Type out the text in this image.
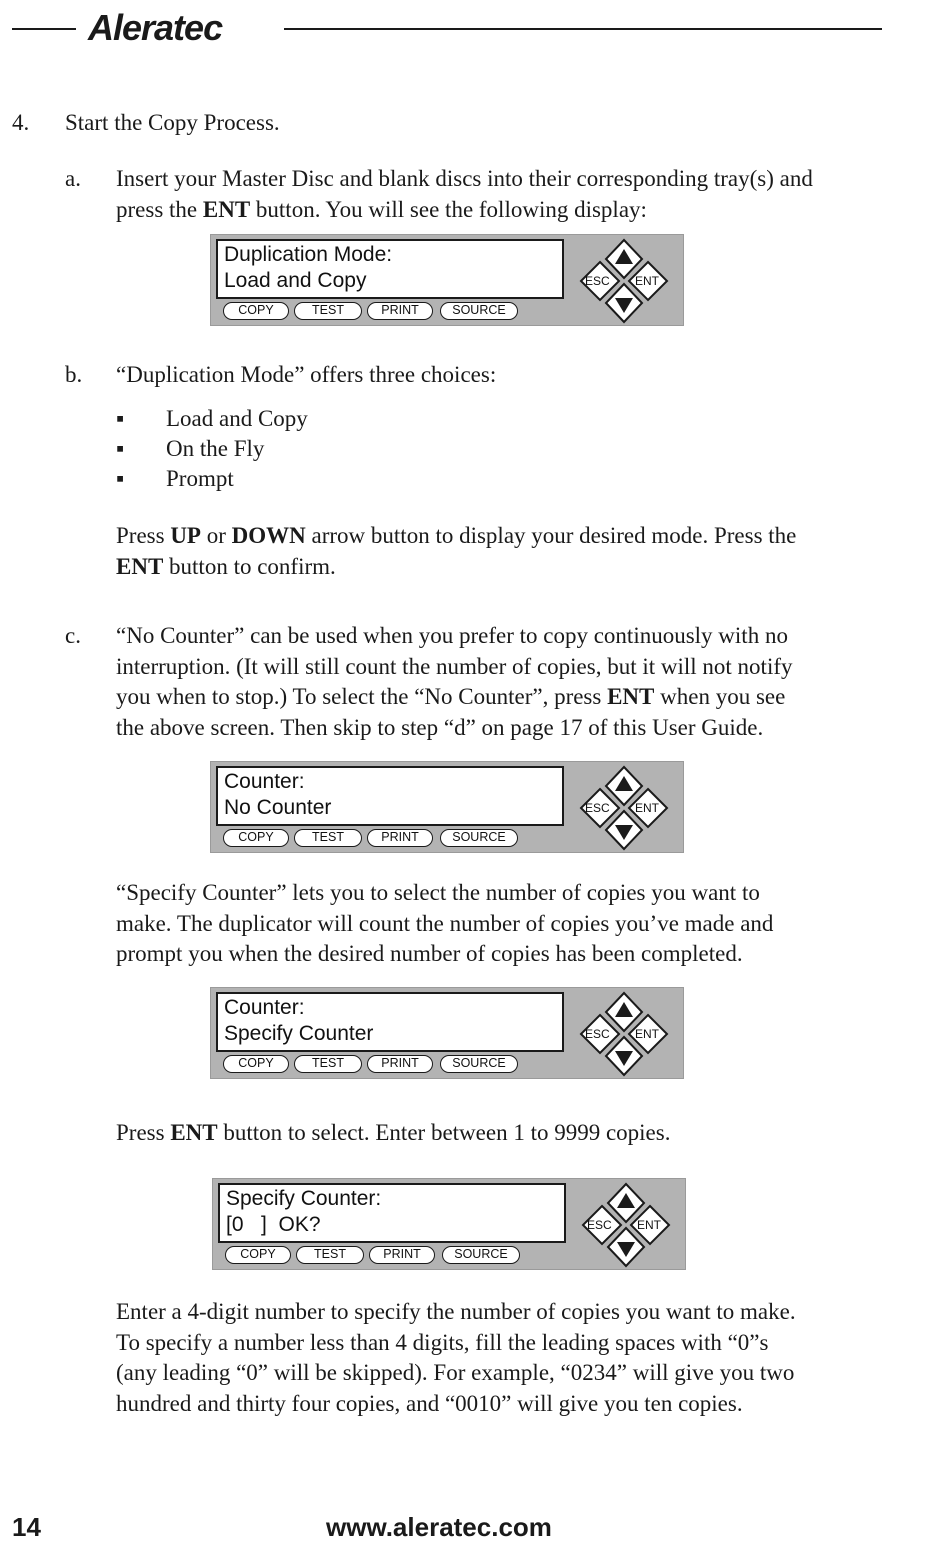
Aleratec
4. Start the Copy Process.
a. Insert your Master Disc and blank discs into their corresponding tray(s) and
press the ENT button. You will see the following display:
Duplication Mode:
Load and Copy
COPY	TEST	PRINT	SOURCE
ESC ENT
b. “Duplication Mode” offers three choices:
▪ Load and Copy
▪ On the Fly
▪ Prompt
Press UP or DOWN arrow button to display your desired mode. Press the
ENT button to confirm.
c. “No Counter” can be used when you prefer to copy continuously with no
interruption. (It will still count the number of copies, but it will not notify
you when to stop.) To select the “No Counter”, press ENT when you see
the above screen. Then skip to step “d” on page 17 of this User Guide.
Counter:
No Counter
COPY	TEST	PRINT	SOURCE
ESC ENT
“Specify Counter” lets you to select the number of copies you want to
make. The duplicator will count the number of copies you’ve made and
prompt you when the desired number of copies has been completed.
Counter:
Specify Counter
COPY	TEST	PRINT	SOURCE
ESC ENT
Press ENT button to select. Enter between 1 to 9999 copies.
Specify Counter:
[0   ]  OK?
COPY	TEST	PRINT	SOURCE
ESC ENT
Enter a 4-digit number to specify the number of copies you want to make.
To specify a number less than 4 digits, fill the leading spaces with “0”s
(any leading “0” will be skipped). For example, “0234” will give you two
hundred and thirty four copies, and “0010” will give you ten copies.
14	www.aleratec.com
